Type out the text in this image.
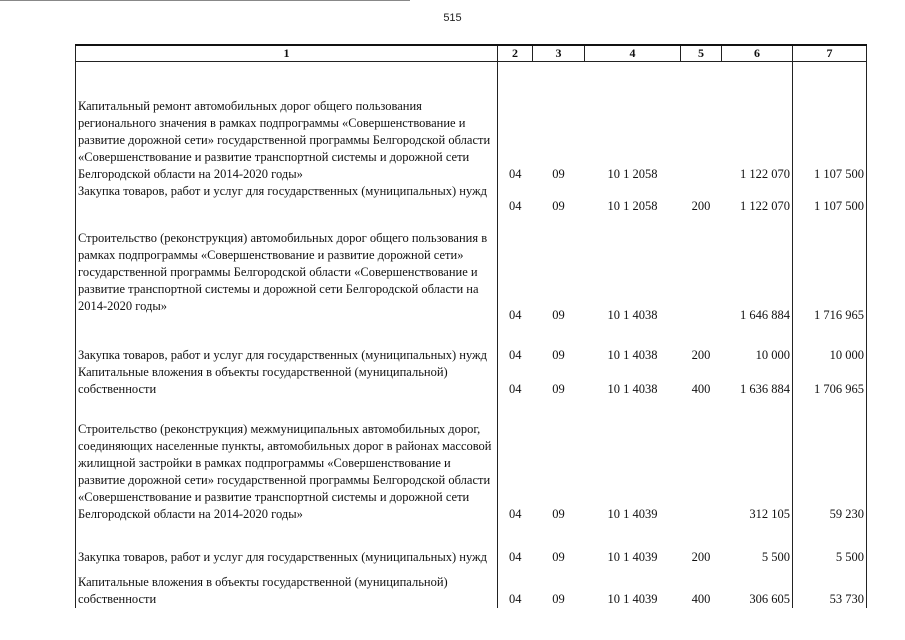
515
1	2	3	4	5	6	7
Капитальный ремонт автомобильных дорог общего пользования регионального значения в рамках подпрограммы «Совершенствование и развитие дорожной сети» государственной программы Белгородской области «Совершенствование и развитие транспортной системы и дорожной сети Белгородской области на 2014-2020 годы»	04	09	10 1 2058		1 122 070	1 107 500
Закупка товаров, работ и услуг для государственных (муниципальных) нужд	04	09	10 1 2058	200	1 122 070	1 107 500
Строительство (реконструкция) автомобильных дорог общего пользования в рамках подпрограммы «Совершенствование и развитие дорожной сети» государственной программы Белгородской области «Совершенствование и развитие транспортной системы и дорожной сети Белгородской области на 2014-2020 годы»	04	09	10 1 4038		1 646 884	1 716 965
Закупка товаров, работ и услуг для государственных (муниципальных) нужд	04	09	10 1 4038	200	10 000	10 000
Капитальные вложения в объекты государственной (муниципальной) собственности	04	09	10 1 4038	400	1 636 884	1 706 965
Строительство (реконструкция) межмуниципальных автомобильных дорог, соединяющих населенные пункты, автомобильных дорог в районах массовой жилищной застройки в рамках подпрограммы «Совершенствование и развитие дорожной сети» государственной программы Белгородской области «Совершенствование и развитие транспортной системы и дорожной сети Белгородской области на 2014-2020 годы»	04	09	10 1 4039		312 105	59 230
Закупка товаров, работ и услуг для государственных (муниципальных) нужд	04	09	10 1 4039	200	5 500	5 500
Капитальные вложения в объекты государственной (муниципальной) собственности	04	09	10 1 4039	400	306 605	53 730
